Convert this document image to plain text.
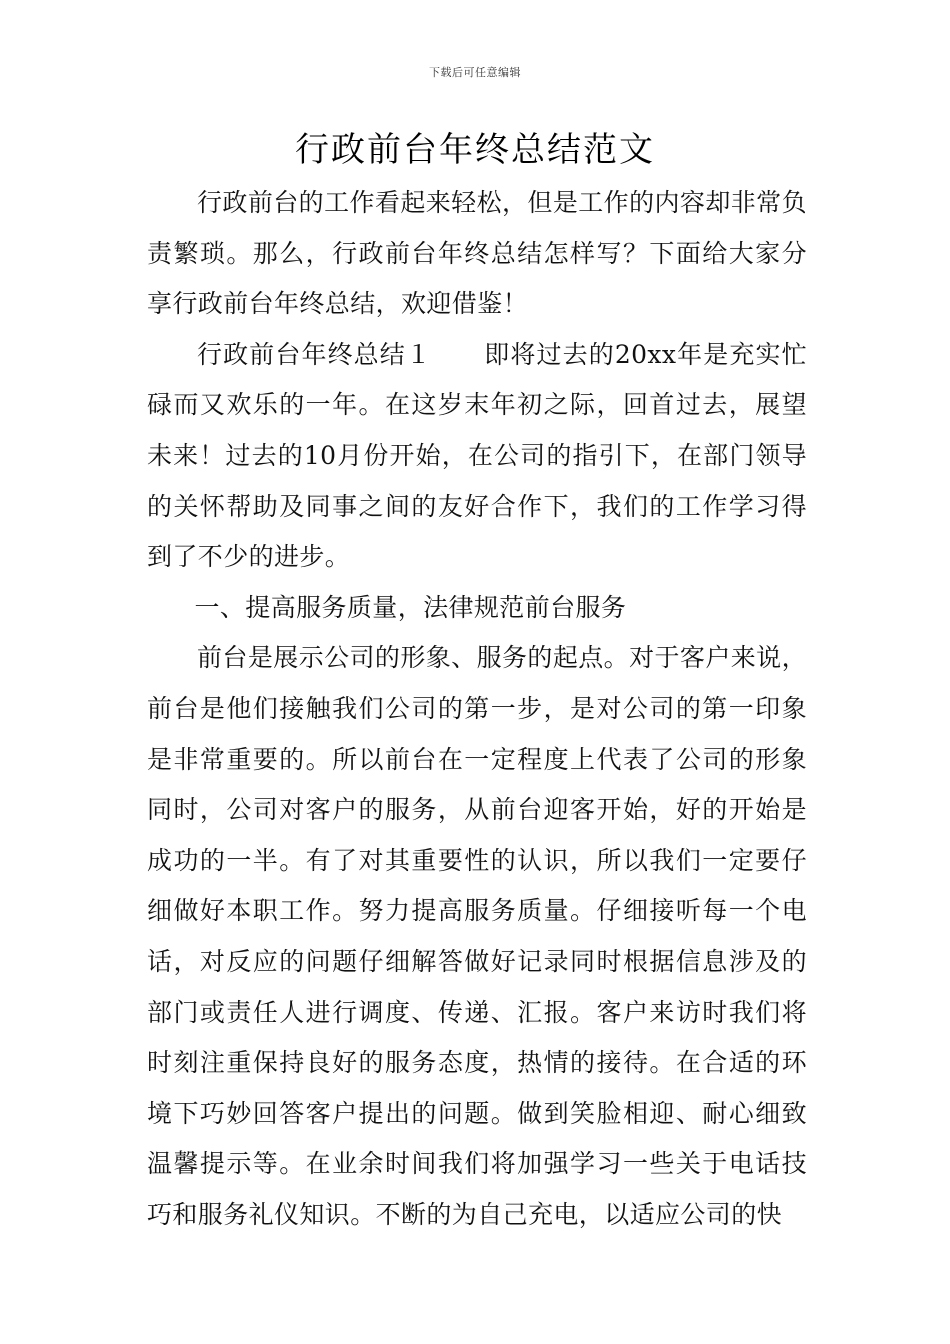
下载后可任意编辑
行政前台年终总结范文

行政前台的工作看起来轻松，但是工作的内容却非常负责繁琐。那么，行政前台年终总结怎样写？下面给大家分享行政前台年终总结，欢迎借鉴！

行政前台年终总结１　　即将过去的20xx年是充实忙碌而又欢乐的一年。在这岁末年初之际，回首过去，展望未来！过去的10月份开始，在公司的指引下，在部门领导的关怀帮助及同事之间的友好合作下，我们的工作学习得到了不少的进步。

一、提高服务质量，法律规范前台服务

前台是展示公司的形象、服务的起点。对于客户来说，前台是他们接触我们公司的第一步，是对公司的第一印象是非常重要的。所以前台在一定程度上代表了公司的形象同时，公司对客户的服务，从前台迎客开始，好的开始是成功的一半。有了对其重要性的认识，所以我们一定要仔细做好本职工作。努力提高服务质量。仔细接听每一个电话，对反应的问题仔细解答做好记录同时根据信息涉及的部门或责任人进行调度、传递、汇报。客户来访时我们将时刻注重保持良好的服务态度，热情的接待。在合适的环境下巧妙回答客户提出的问题。做到笑脸相迎、耐心细致温馨提示等。在业余时间我们将加强学习一些关于电话技巧和服务礼仪知识。不断的为自己充电，以适应公司的快
